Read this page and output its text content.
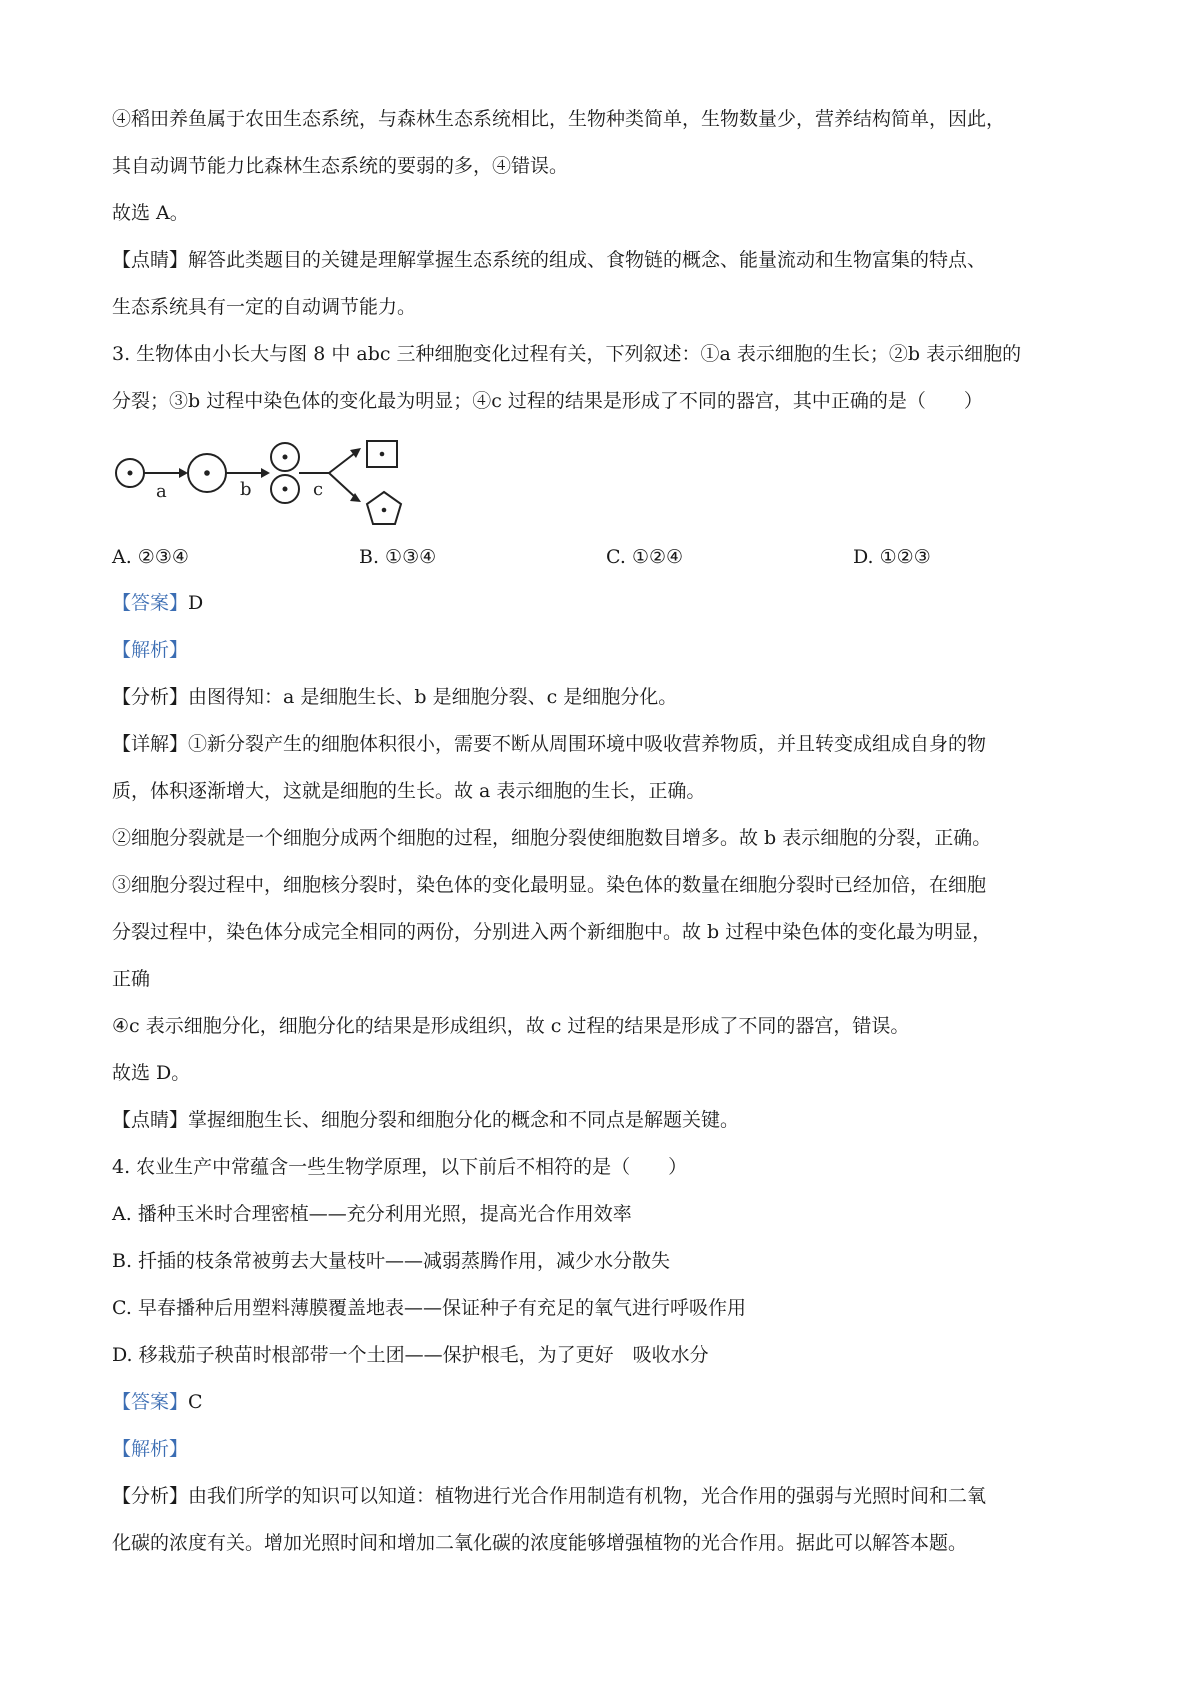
④稻田养鱼属于农田生态系统，与森林生态系统相比，生物种类简单，生物数量少，营养结构简单，因此，

其自动调节能力比森林生态系统的要弱的多，④错误。

故选 A。

【点睛】解答此类题目的关键是理解掌握生态系统的组成、食物链的概念、能量流动和生物富集的特点、

生态系统具有一定的自动调节能力。

3. 生物体由小长大与图 8 中 abc 三种细胞变化过程有关，下列叙述：①a 表示细胞的生长；②b 表示细胞的

分裂；③b 过程中染色体的变化最为明显；④c 过程的结果是形成了不同的器宫，其中正确的是（　　）

a	b	c
A. ②③④	B. ①③④	C. ①②④	D. ①②③

【答案】D

【解析】

【分析】由图得知：a 是细胞生长、b 是细胞分裂、c 是细胞分化。

【详解】①新分裂产生的细胞体积很小，需要不断从周围环境中吸收营养物质，并且转变成组成自身的物

质，体积逐渐增大，这就是细胞的生长。故 a 表示细胞的生长，正确。

②细胞分裂就是一个细胞分成两个细胞的过程，细胞分裂使细胞数目增多。故 b 表示细胞的分裂，正确。

③细胞分裂过程中，细胞核分裂时，染色体的变化最明显。染色体的数量在细胞分裂时已经加倍，在细胞

分裂过程中，染色体分成完全相同的两份，分别进入两个新细胞中。故 b 过程中染色体的变化最为明显，

正确

④c 表示细胞分化，细胞分化的结果是形成组织，故 c 过程的结果是形成了不同的器宫，错误。

故选 D。

【点睛】掌握细胞生长、细胞分裂和细胞分化的概念和不同点是解题关键。

4. 农业生产中常蕴含一些生物学原理，以下前后不相符的是（　　）

A. 播种玉米时合理密植——充分利用光照，提高光合作用效率

B. 扦插的枝条常被剪去大量枝叶——减弱蒸腾作用，减少水分散失

C. 早春播种后用塑料薄膜覆盖地表——保证种子有充足的氧气进行呼吸作用

D. 移栽茄子秧苗时根部带一个土团——保护根毛，为了更好　吸收水分

【答案】C

【解析】

【分析】由我们所学的知识可以知道：植物进行光合作用制造有机物，光合作用的强弱与光照时间和二氧

化碳的浓度有关。增加光照时间和增加二氧化碳的浓度能够增强植物的光合作用。据此可以解答本题。
